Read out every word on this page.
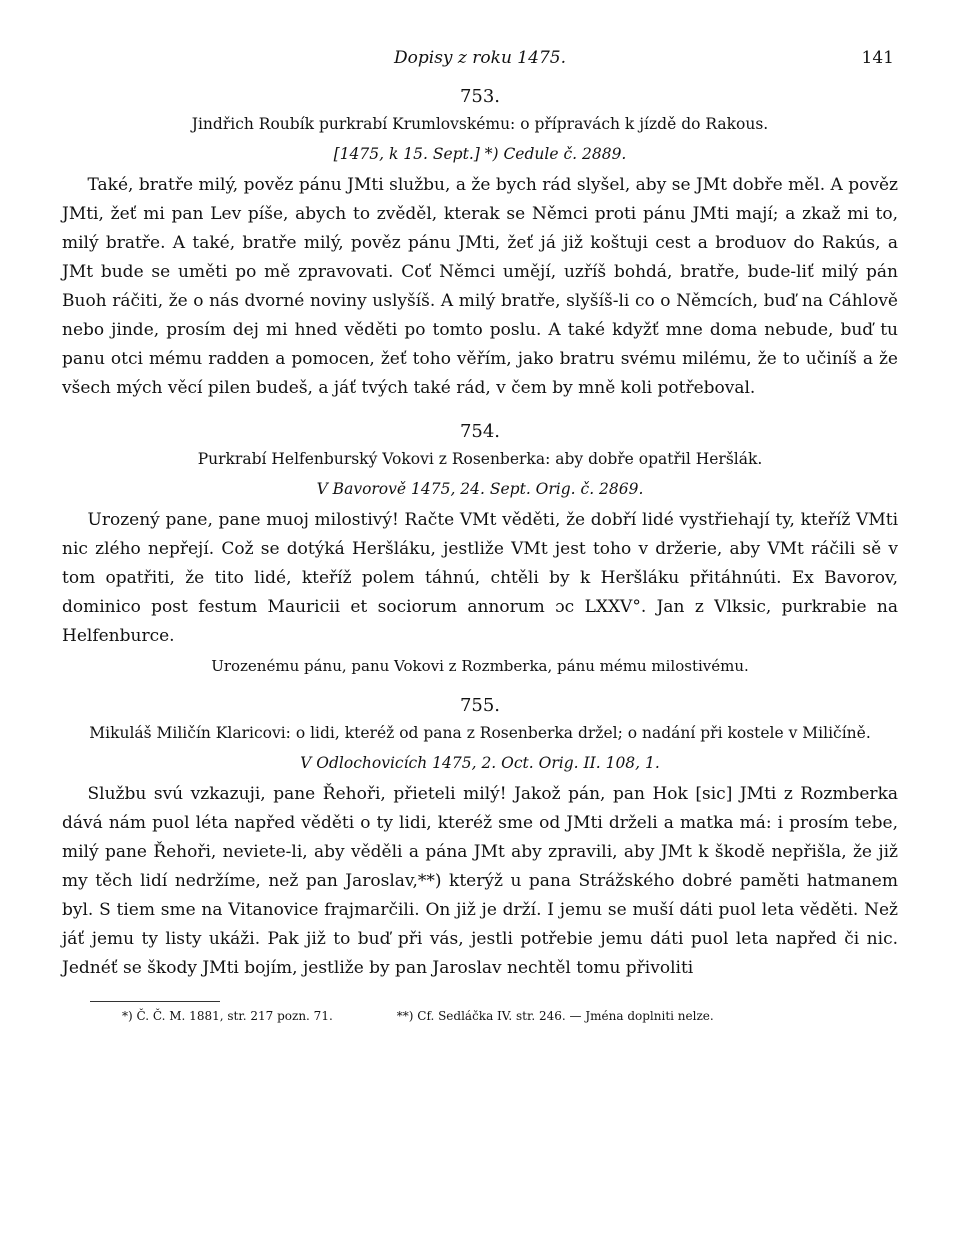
Dopisy z roku 1475.	141
753.
Jindřich Roubík purkrabí Krumlovskému: o přípravách k jízdě do Rakous.
[1475, k 15. Sept.] *) Cedule č. 2889.

Také, bratře milý, pověz pánu JMti službu, a že bych rád slyšel, aby se JMt dobře měl. A pověz JMti, žeť mi pan Lev píše, abych to zvěděl, kterak se Němci proti pánu JMti mají; a zkaž mi to, milý bratře. A také, bratře milý, pověz pánu JMti, žeť já již koštuji cest a broduov do Rakús, a JMt bude se uměti po mě zpravovati. Coť Němci umějí, uzříš bohdá, bratře, bude-liť milý pán Buoh ráčiti, že o nás dvorné noviny uslyšíš. A milý bratře, slyšíš-li co o Němcích, buď na Cáhlově nebo jinde, prosím dej mi hned věděti po tomto poslu. A také kdyžť mne doma nebude, buď tu panu otci mému radden a pomocen, žeť toho věřím, jako bratru svému milému, že to učiníš a že všech mých věcí pilen budeš, a jáť tvých také rád, v čem by mně koli potřeboval.

754.
Purkrabí Helfenburský Vokovi z Rosenberka: aby dobře opatřil Heršlák.
V Bavorově 1475, 24. Sept. Orig. č. 2869.

Urozený pane, pane muoj milostivý! Račte VMt věděti, že dobří lidé vystřiehají ty, kteříž VMti nic zlého nepřejí. Což se dotýká Heršláku, jestliže VMt jest toho v držerie, aby VMt ráčili sě v tom opatřiti, že tito lidé, kteříž polem táhnú, chtěli by k Heršláku přitáhnúti. Ex Bavorov, dominico post festum Mauricii et sociorum annorum ɔc LXXV°. Jan z Vlksic, purkrabie na Helfenburce.

Urozenému pánu, panu Vokovi z Rozmberka, pánu mému milostivému.
755.
Mikuláš Miličín Klaricovi: o lidi, kteréž od pana z Rosenberka držel; o nadání při kostele v Miličíně.
V Odlochovicích 1475, 2. Oct. Orig. II. 108, 1.

Službu svú vzkazuji, pane Řehoři, přieteli milý! Jakož pán, pan Hok [sic] JMti z Rozmberka dává nám puol léta napřed věděti o ty lidi, kteréž sme od JMti drželi a matka má: i prosím tebe, milý pane Řehoři, neviete-li, aby věděli a pána JMt aby zpravili, aby JMt k škodě nepřišla, že již my těch lidí nedržíme, než pan Jaroslav,**) kterýž u pana Strážského dobré paměti hatmanem byl. S tiem sme na Vitanovice frajmarčili. On již je drží. I jemu se muší dáti puol leta věděti. Než jáť jemu ty listy ukáži. Pak již to buď při vás, jestli potřebie jemu dáti puol leta napřed či nic. Jednéť se škody JMti bojím, jestliže by pan Jaroslav nechtěl tomu přivoliti

*) Č. Č. M. 1881, str. 217 pozn. 71.	**) Cf. Sedláčka IV. str. 246. — Jména doplniti nelze.
